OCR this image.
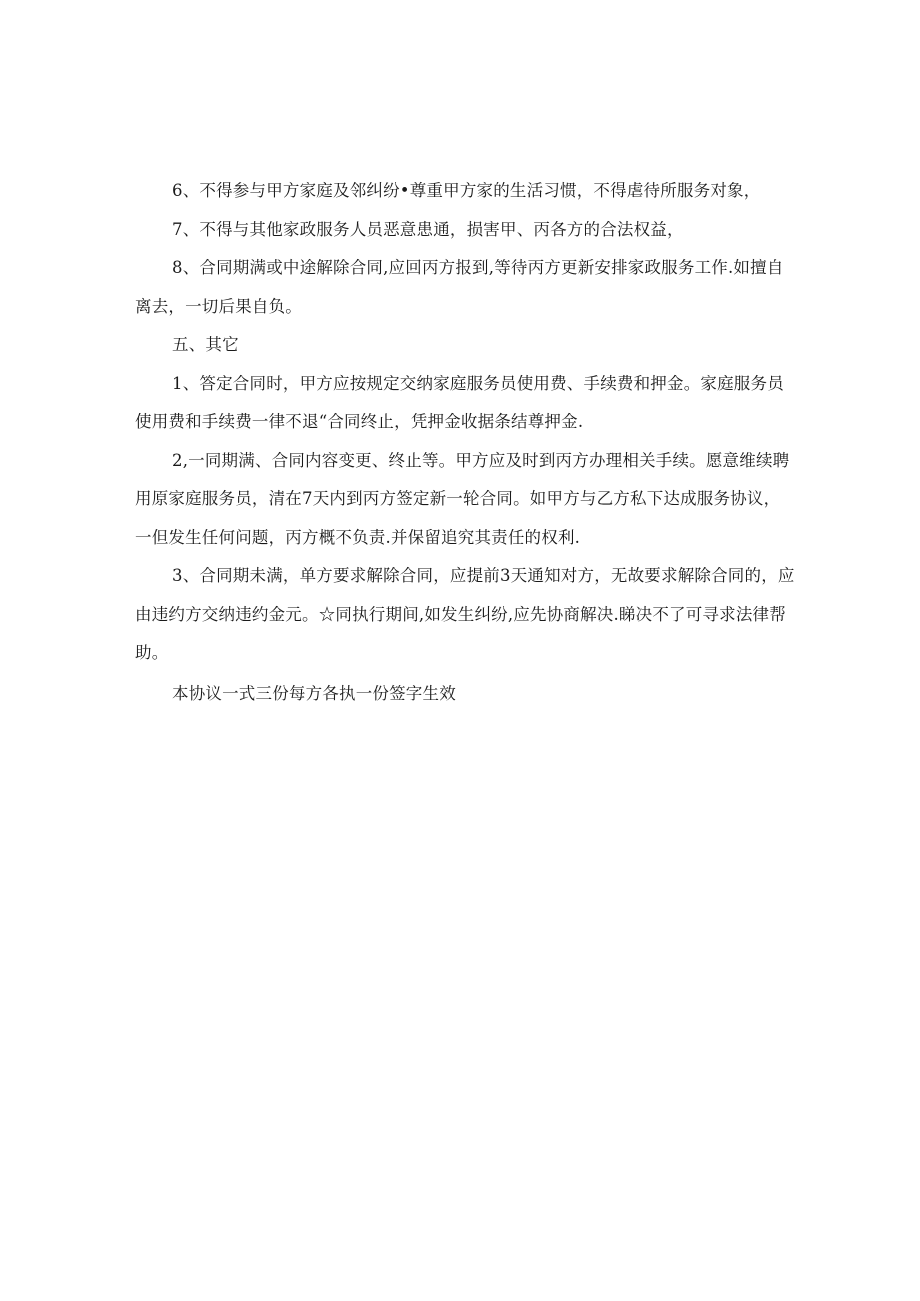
6、不得参与甲方家庭及邻纠纷•尊重甲方家的生活习惯，不得虐待所服务对象，

7、不得与其他家政服务人员恶意患通，损害甲、丙各方的合法权益，

8、合同期满或中途解除合同,应回丙方报到,等待丙方更新安排家政服务工作.如擅自离去，一切后果自负。

五、其它

1、答定合同时，甲方应按规定交纳家庭服务员使用费、手续费和押金。家庭服务员使用费和手续费一律不退“合同终止，凭押金收据条结尊押金.

2,一同期满、合同内容变更、终止等。甲方应及时到丙方办理相关手续。愿意维续聘用原家庭服务员，清在7天内到丙方签定新一轮合同。如甲方与乙方私下达成服务协议，一但发生任何问题，丙方概不负责.并保留追究其责任的权利.

3、合同期未满，单方要求解除合同，应提前3天通知对方，无故要求解除合同的，应由违约方交纳违约金元。☆同执行期间,如发生纠纷,应先协商解决.睇决不了可寻求法律帮助。

本协议一式三份每方各执一份签字生效
